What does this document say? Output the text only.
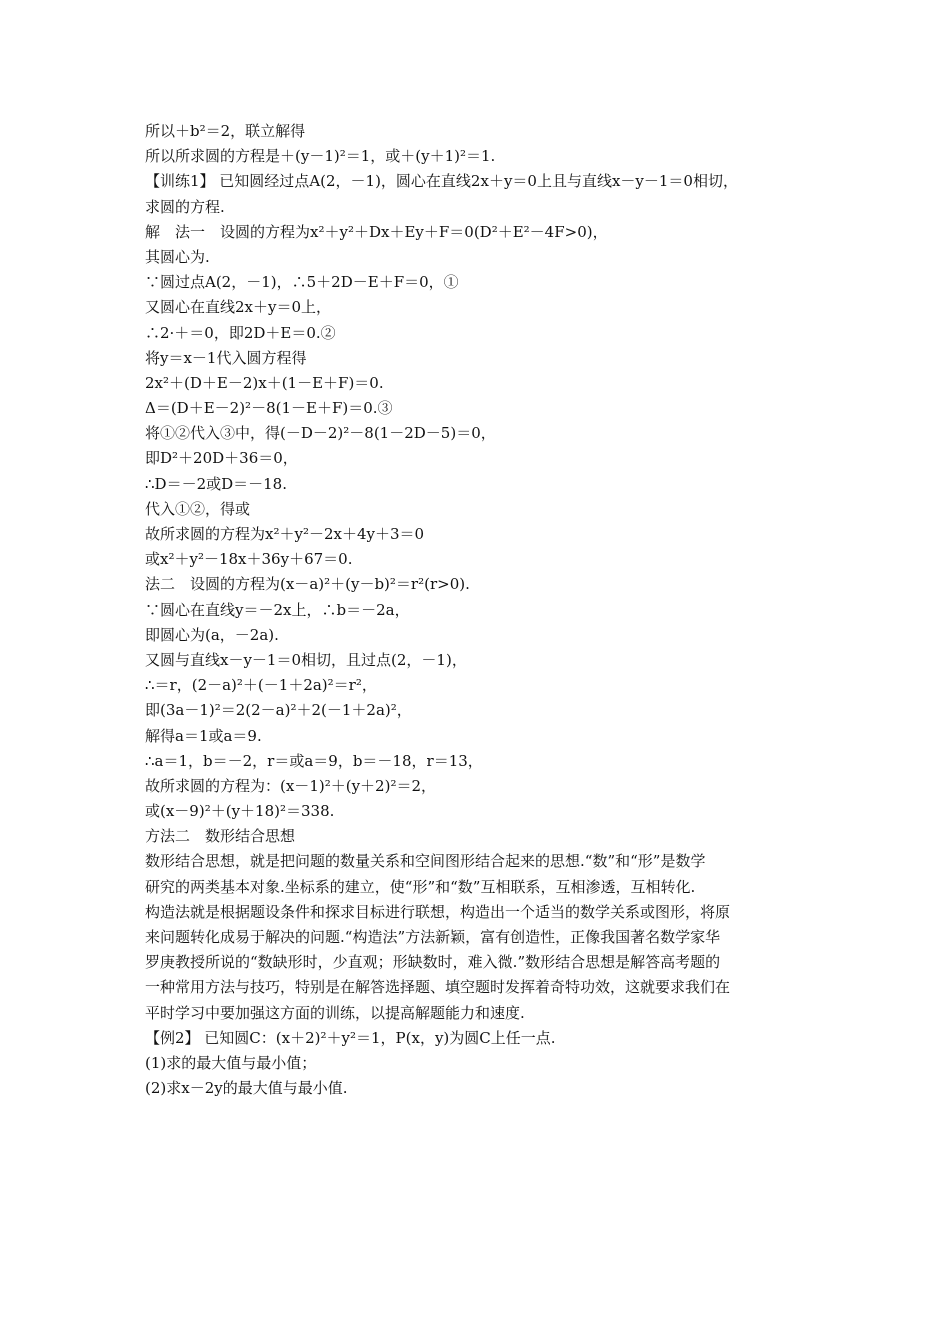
所以＋b²＝2，联立解得
所以所求圆的方程是＋(y－1)²＝1，或＋(y＋1)²＝1.
【训练1】 已知圆经过点A(2，－1)，圆心在直线2x＋y＝0上且与直线x－y－1＝0相切，
求圆的方程.
解　法一　设圆的方程为x²＋y²＋Dx＋Ey＋F＝0(D²＋E²－4F>0)，
其圆心为.
∵圆过点A(2，－1)，∴5＋2D－E＋F＝0，①
又圆心在直线2x＋y＝0上，
∴2·＋＝0，即2D＋E＝0.②
将y＝x－1代入圆方程得
2x²＋(D＋E－2)x＋(1－E＋F)＝0.
Δ＝(D＋E－2)²－8(1－E＋F)＝0.③
将①②代入③中，得(－D－2)²－8(1－2D－5)＝0，
即D²＋20D＋36＝0，
∴D＝－2或D＝－18.
代入①②，得或
故所求圆的方程为x²＋y²－2x＋4y＋3＝0
或x²＋y²－18x＋36y＋67＝0.
法二　设圆的方程为(x－a)²＋(y－b)²＝r²(r>0).
∵圆心在直线y＝－2x上，∴b＝－2a，
即圆心为(a，－2a).
又圆与直线x－y－1＝0相切，且过点(2，－1)，
∴＝r，(2－a)²＋(－1＋2a)²＝r²，
即(3a－1)²＝2(2－a)²＋2(－1＋2a)²，
解得a＝1或a＝9.
∴a＝1，b＝－2，r＝或a＝9，b＝－18，r＝13，
故所求圆的方程为：(x－1)²＋(y＋2)²＝2，
或(x－9)²＋(y＋18)²＝338.
方法二　数形结合思想
数形结合思想，就是把问题的数量关系和空间图形结合起来的思想.“数”和“形”是数学
研究的两类基本对象.坐标系的建立，使“形”和“数”互相联系，互相渗透，互相转化.
构造法就是根据题设条件和探求目标进行联想，构造出一个适当的数学关系或图形，将原
来问题转化成易于解决的问题.“构造法”方法新颖，富有创造性，正像我国著名数学家华
罗庚教授所说的“数缺形时，少直观；形缺数时，难入微.”数形结合思想是解答高考题的
一种常用方法与技巧，特别是在解答选择题、填空题时发挥着奇特功效，这就要求我们在
平时学习中要加强这方面的训练，以提高解题能力和速度.
【例2】 已知圆C：(x＋2)²＋y²＝1，P(x，y)为圆C上任一点.
(1)求的最大值与最小值；
(2)求x－2y的最大值与最小值.
